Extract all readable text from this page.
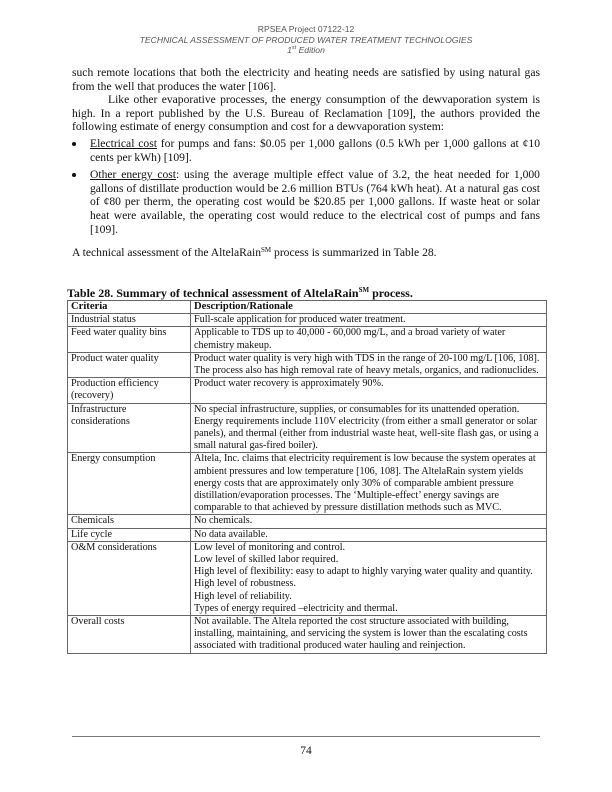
RPSEA Project 07122-12
TECHNICAL ASSESSMENT OF PRODUCED WATER TREATMENT TECHNOLOGIES
1st Edition

such remote locations that both the electricity and heating needs are satisfied by using natural gas from the well that produces the water [106].

Like other evaporative processes, the energy consumption of the dewvaporation system is high. In a report published by the U.S. Bureau of Reclamation [109], the authors provided the following estimate of energy consumption and cost for a dewvaporation system:

Electrical cost for pumps and fans: $0.05 per 1,000 gallons (0.5 kWh per 1,000 gallons at ¢10 cents per kWh) [109].
Other energy cost: using the average multiple effect value of 3.2, the heat needed for 1,000 gallons of distillate production would be 2.6 million BTUs (764 kWh heat). At a natural gas cost of ¢80 per therm, the operating cost would be $20.85 per 1,000 gallons. If waste heat or solar heat were available, the operating cost would reduce to the electrical cost of pumps and fans [109].

A technical assessment of the AltelaRain℠ process is summarized in Table 28.

Table 28. Summary of technical assessment of AltelaRain℠ process.
Criteria	Description/Rationale
Industrial status	Full-scale application for produced water treatment.

Feed water quality bins	Applicable to TDS up to 40,000 - 60,000 mg/L, and a broad variety of water chemistry makeup.

Product water quality	Product water quality is very high with TDS in the range of 20-100 mg/L [106, 108]. The process also has high removal rate of heavy metals, organics, and radionuclides.

Production efficiency (recovery)	Product water recovery is approximately 90%.

Infrastructure considerations	No special infrastructure, supplies, or consumables for its unattended operation.
Energy requirements include 110V electricity (from either a small generator or solar panels), and thermal (either from industrial waste heat, well-site flash gas, or using a small natural gas-fired boiler).

Energy consumption	Altela, Inc. claims that electricity requirement is low because the system operates at ambient pressures and low temperature [106, 108]. The AltelaRain system yields energy costs that are approximately only 30% of comparable ambient pressure distillation/evaporation processes. The ‘Multiple-effect’ energy savings are comparable to that achieved by pressure distillation methods such as MVC.

Chemicals	No chemicals.

Life cycle	No data available.

O&M considerations	Low level of monitoring and control.
Low level of skilled labor required.
High level of flexibility: easy to adapt to highly varying water quality and quantity.
High level of robustness.
High level of reliability.
Types of energy required –electricity and thermal.

Overall costs	Not available. The Altela reported the cost structure associated with building, installing, maintaining, and servicing the system is lower than the escalating costs associated with traditional produced water hauling and reinjection.
74
